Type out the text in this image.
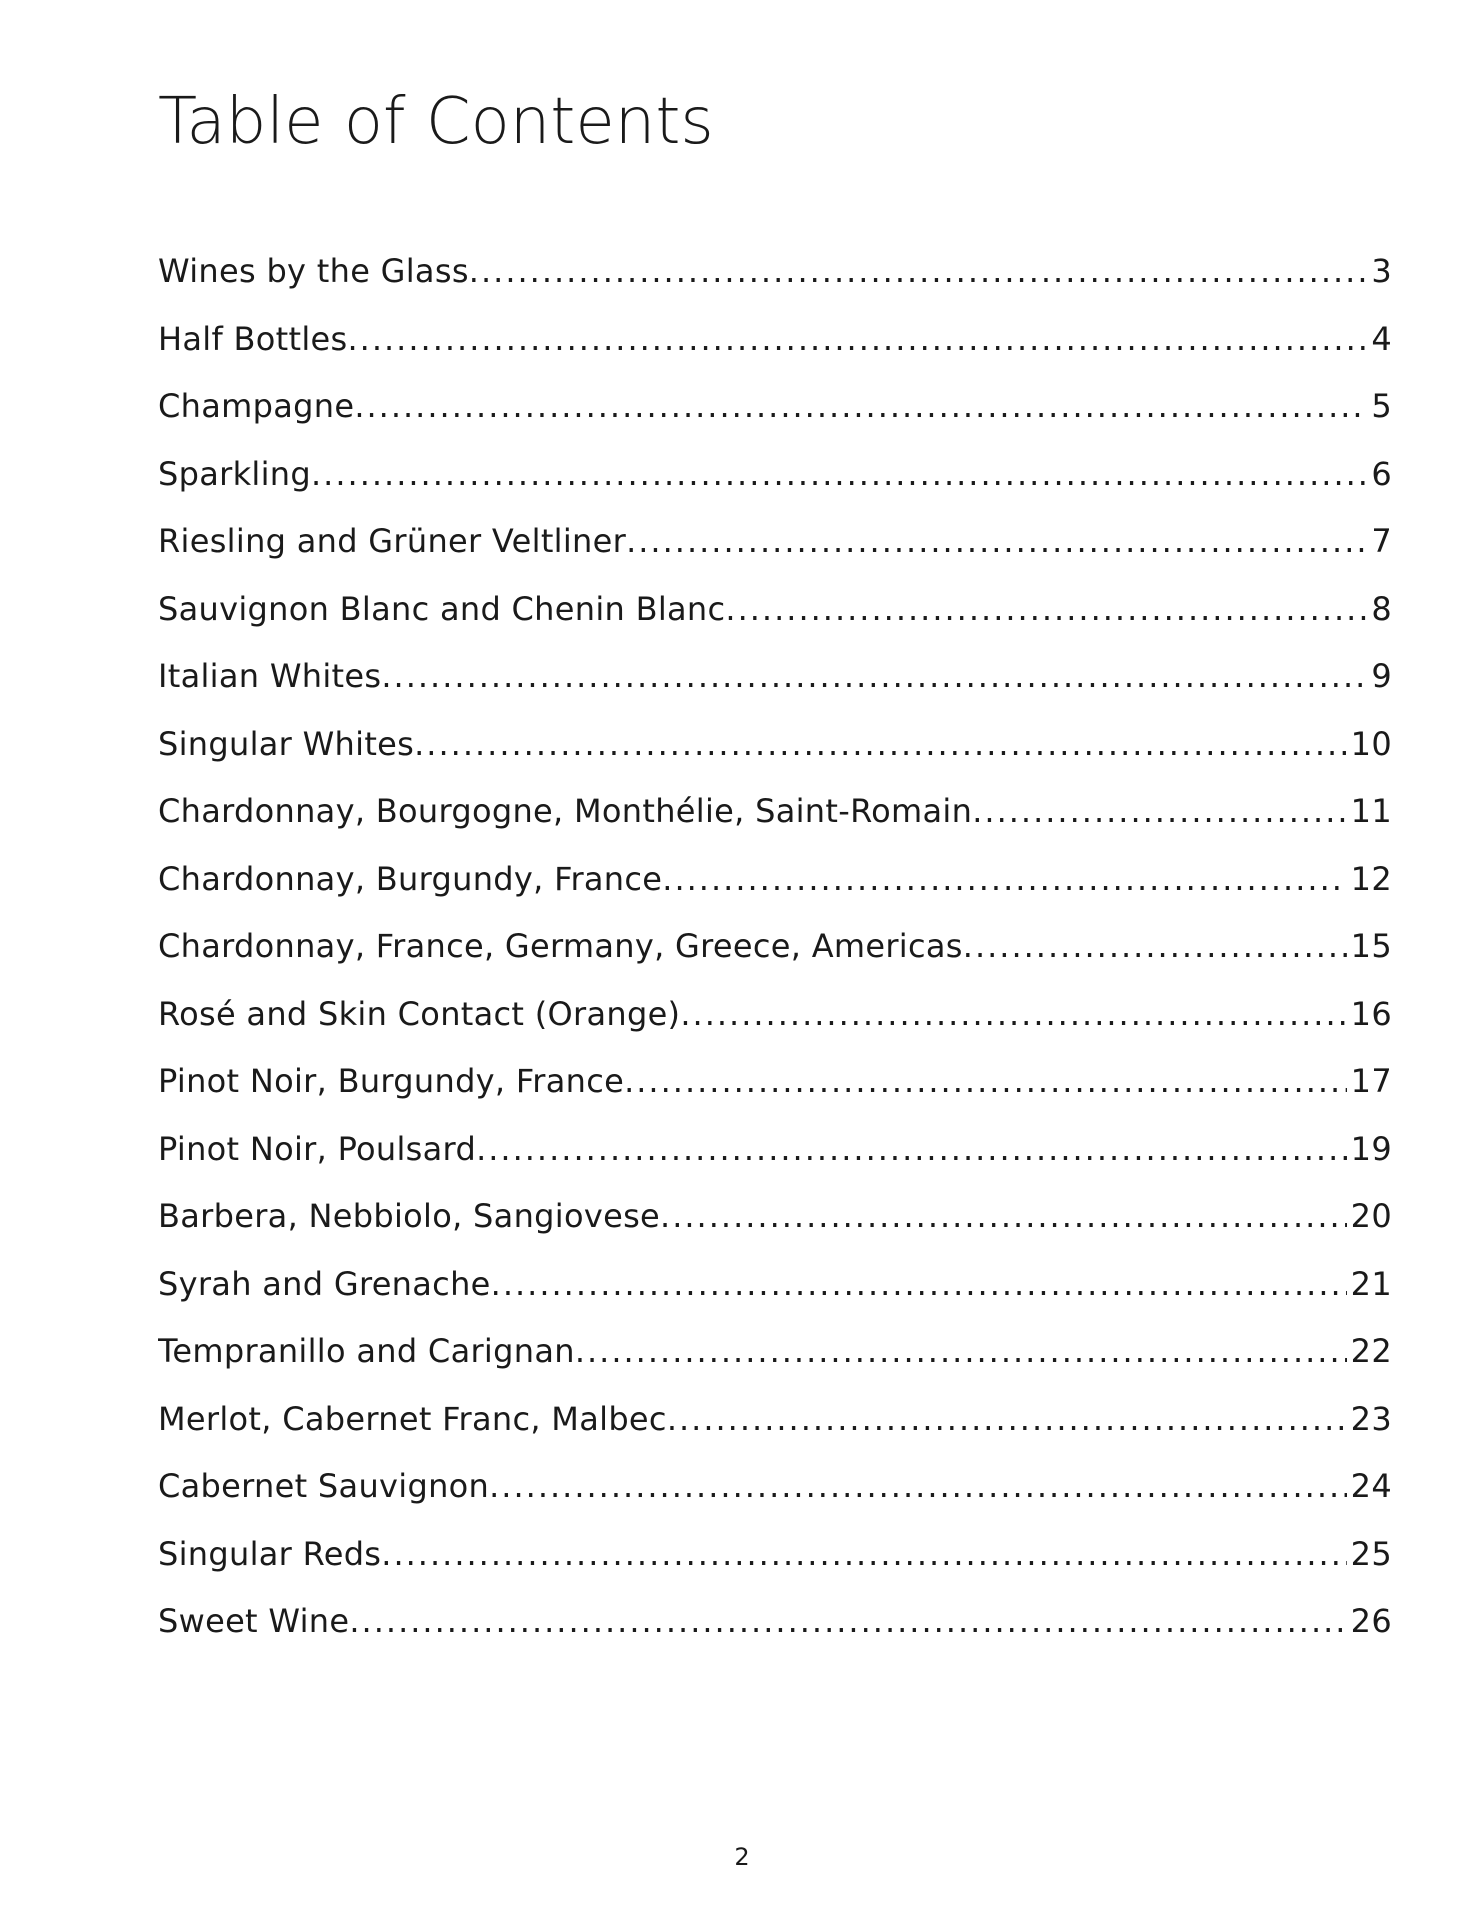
Table of Contents
Wines by the Glass .....	3
Half Bottles .....	4
Champagne .....	5
Sparkling .....	6
Riesling and Grüner Veltliner .....	7
Sauvignon Blanc and Chenin Blanc .....	8
Italian Whites .....	9
Singular Whites .....	10
Chardonnay, Bourgogne, Monthélie, Saint-Romain .....	11
Chardonnay, Burgundy, France .....	12
Chardonnay, France, Germany, Greece, Americas .....	15
Rosé and Skin Contact (Orange) .....	16
Pinot Noir, Burgundy, France .....	17
Pinot Noir, Poulsard .....	19
Barbera, Nebbiolo, Sangiovese .....	20
Syrah and Grenache .....	21
Tempranillo and Carignan .....	22
Merlot, Cabernet Franc, Malbec .....	23
Cabernet Sauvignon .....	24
Singular Reds .....	25
Sweet Wine .....	26
2
